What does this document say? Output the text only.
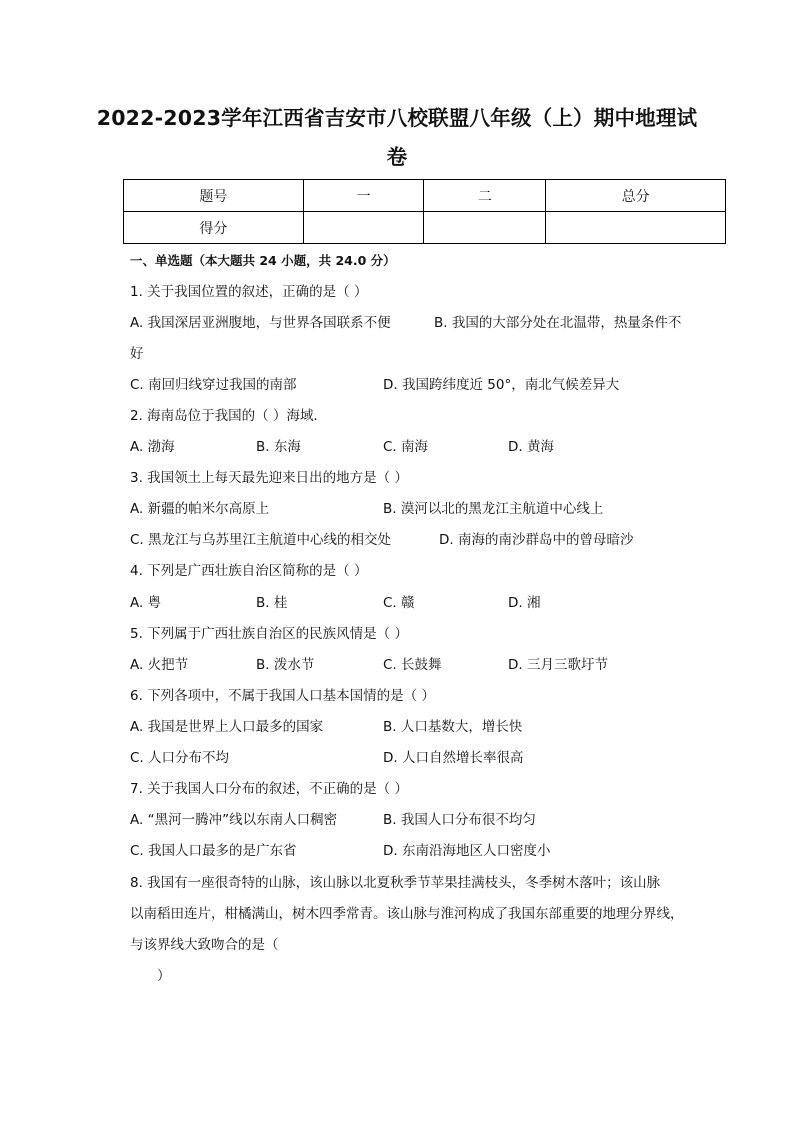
2022-2023学年江西省吉安市八校联盟八年级（上）期中地理试
卷
题号	一	二	总分
得分			
一、单选题（本大题共 24 小题，共 24.0 分）
1. 关于我国位置的叙述，正确的是（ ）
A. 我国深居亚洲腹地，与世界各国联系不便	B. 我国的大部分处在北温带，热量条件不
好
C. 南回归线穿过我国的南部	D. 我国跨纬度近 50°，南北气候差异大
2. 海南岛位于我国的（ ）海域．
A. 渤海	B. 东海	C. 南海	D. 黄海
3. 我国领土上每天最先迎来日出的地方是（ ）
A. 新疆的帕米尔高原上	B. 漠河以北的黑龙江主航道中心线上
C. 黑龙江与乌苏里江主航道中心线的相交处	D. 南海的南沙群岛中的曾母暗沙
4. 下列是广西壮族自治区简称的是（ ）
A. 粤	B. 桂	C. 赣	D. 湘
5. 下列属于广西壮族自治区的民族风情是（ ）
A. 火把节	B. 泼水节	C. 长鼓舞	D. 三月三歌圩节
6. 下列各项中，不属于我国人口基本国情的是（ ）
A. 我国是世界上人口最多的国家	B. 人口基数大，增长快
C. 人口分布不均	D. 人口自然增长率很高
7. 关于我国人口分布的叙述，不正确的是（ ）
A. “黑河一腾冲”线以东南人口稠密	B. 我国人口分布很不均匀
C. 我国人口最多的是广东省	D. 东南沿海地区人口密度小
8. 我国有一座很奇特的山脉，该山脉以北夏秋季节苹果挂满枝头，冬季树木落叶；该山脉
以南稻田连片，柑橘满山，树木四季常青。该山脉与淮河构成了我国东部重要的地理分界线，
与该界线大致吻合的是（
）
